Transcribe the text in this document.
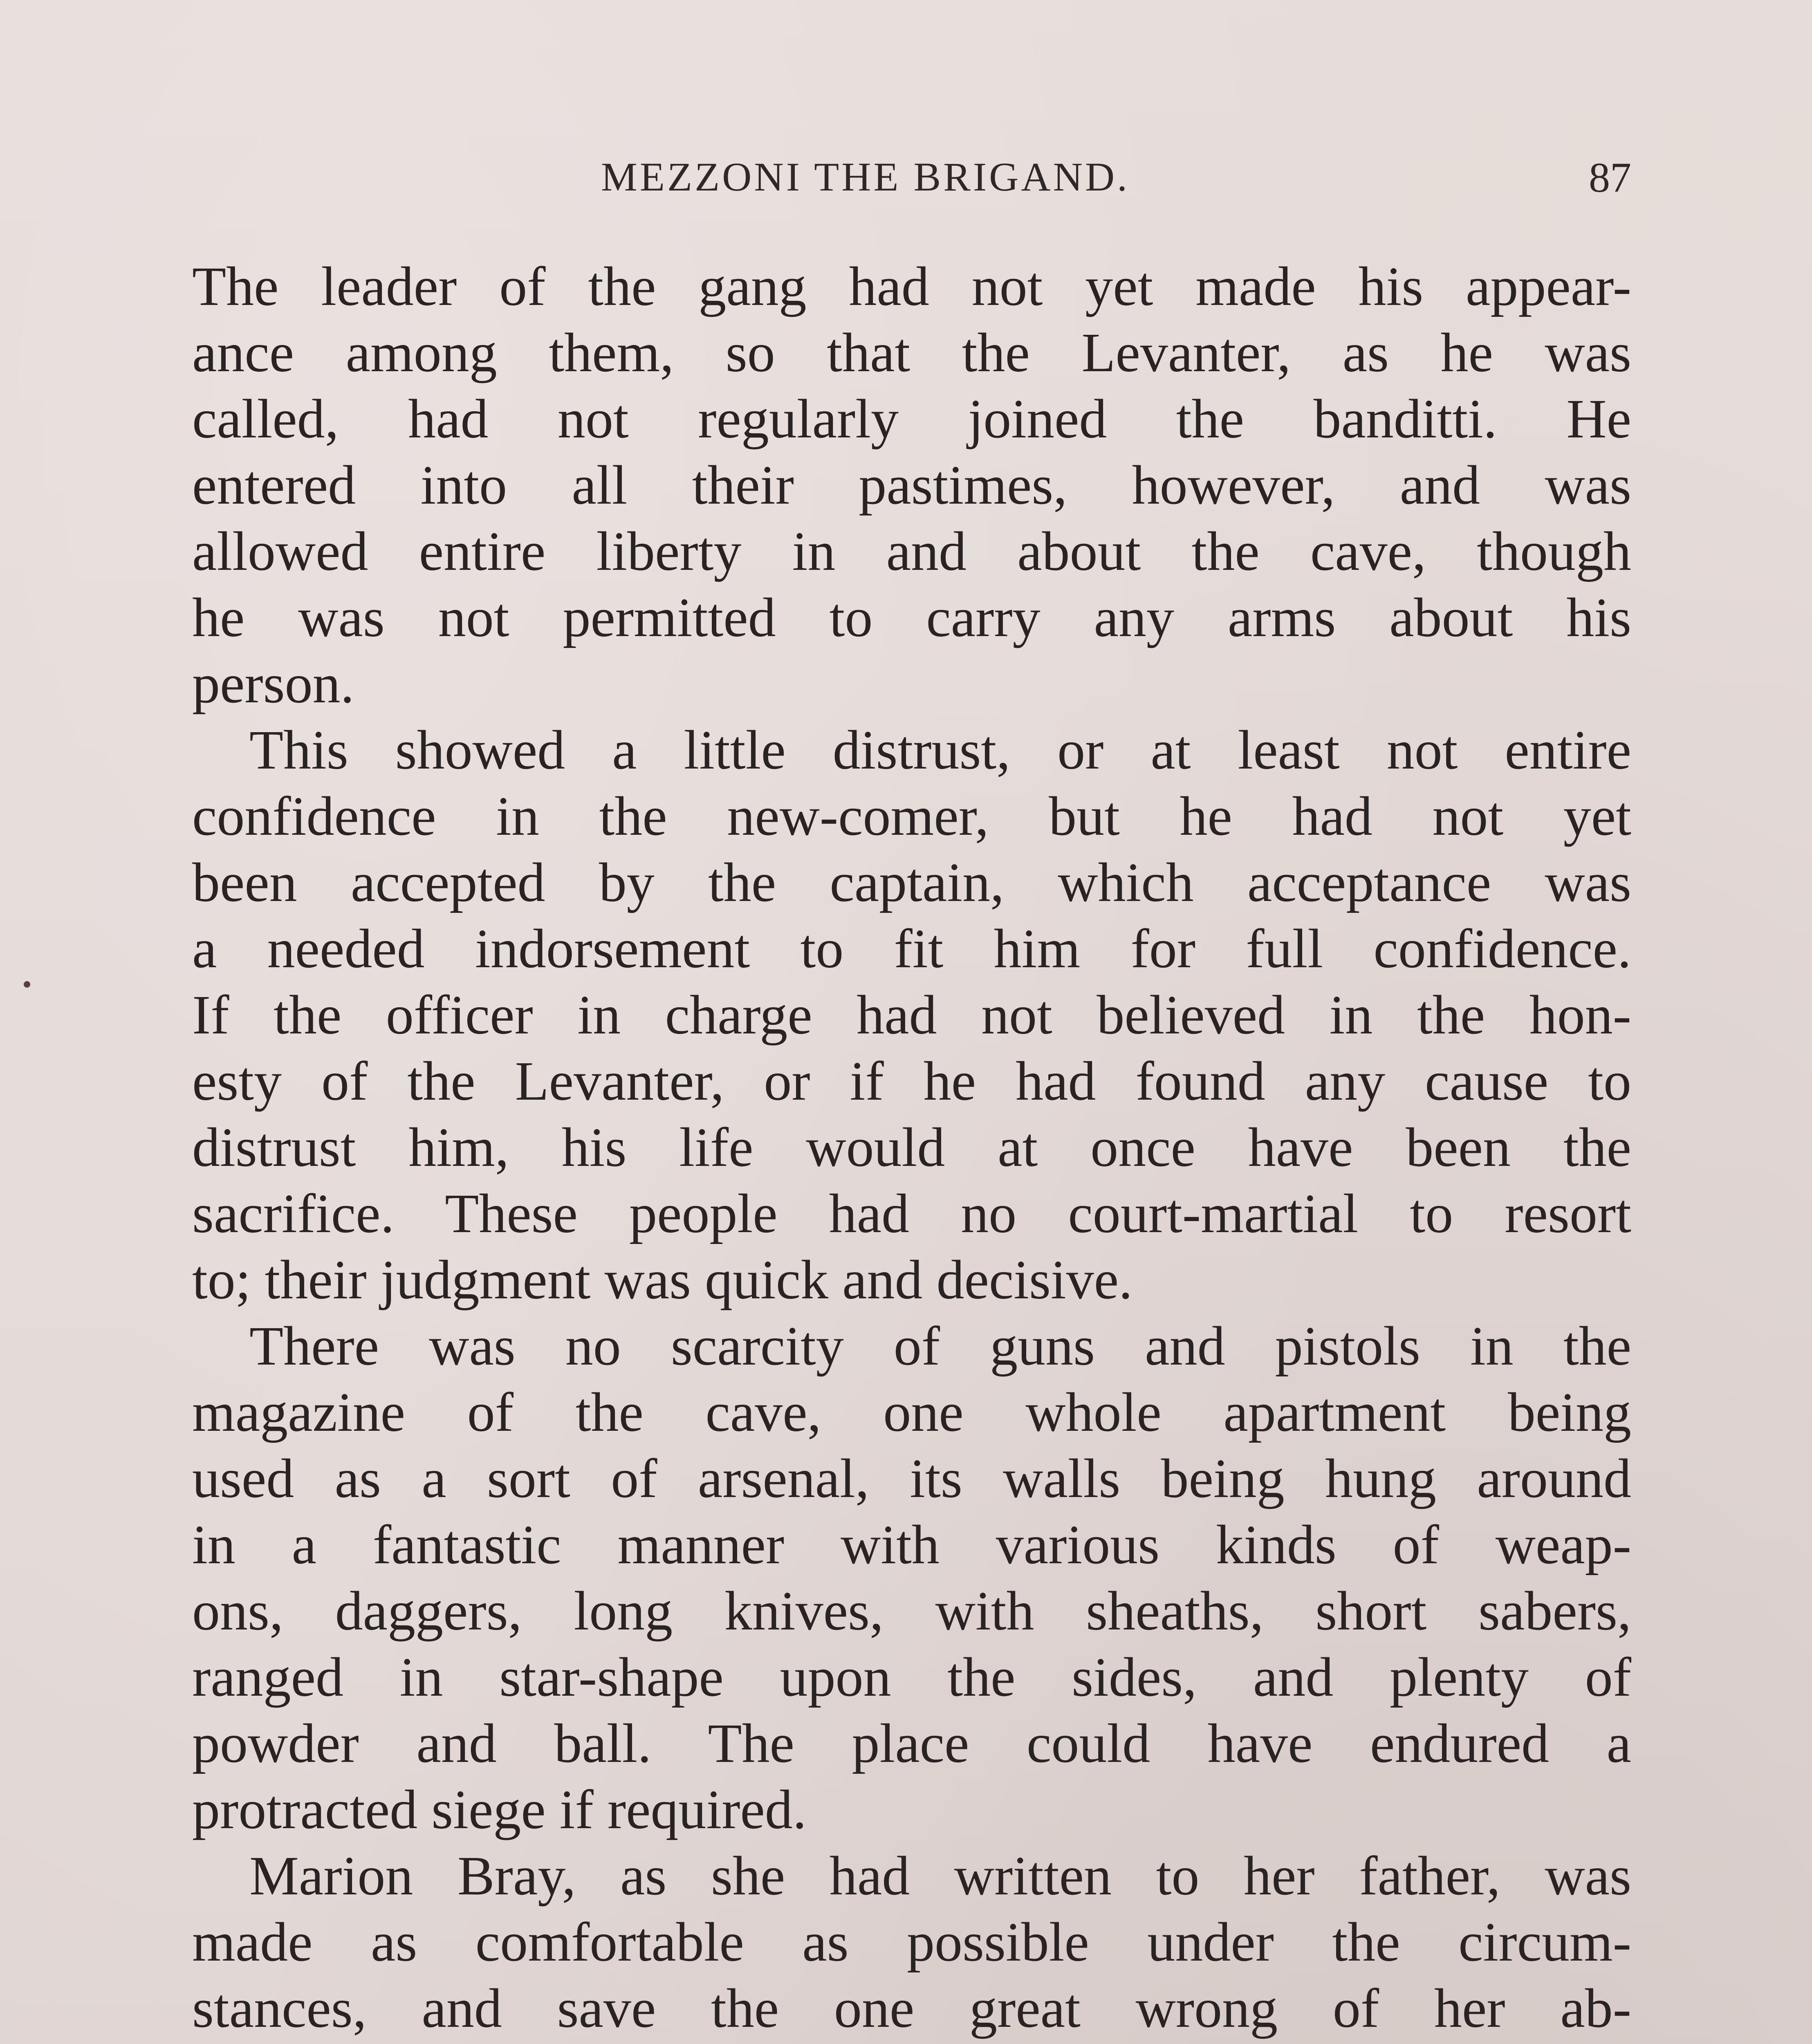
MEZZONI THE BRIGAND.	87
The leader of the gang had not yet made his appear-
ance among them, so that the Levanter, as he was
called, had not regularly joined the banditti. He
entered into all their pastimes, however, and was
allowed entire liberty in and about the cave, though
he was not permitted to carry any arms about his
person.
This showed a little distrust, or at least not entire
confidence in the new-comer, but he had not yet
been accepted by the captain, which acceptance was
a needed indorsement to fit him for full confidence.
If the officer in charge had not believed in the hon-
esty of the Levanter, or if he had found any cause to
distrust him, his life would at once have been the
sacrifice. These people had no court-martial to resort
to; their judgment was quick and decisive.
There was no scarcity of guns and pistols in the
magazine of the cave, one whole apartment being
used as a sort of arsenal, its walls being hung around
in a fantastic manner with various kinds of weap-
ons, daggers, long knives, with sheaths, short sabers,
ranged in star-shape upon the sides, and plenty of
powder and ball. The place could have endured a
protracted siege if required.
Marion Bray, as she had written to her father, was
made as comfortable as possible under the circum-
stances, and save the one great wrong of her ab-
